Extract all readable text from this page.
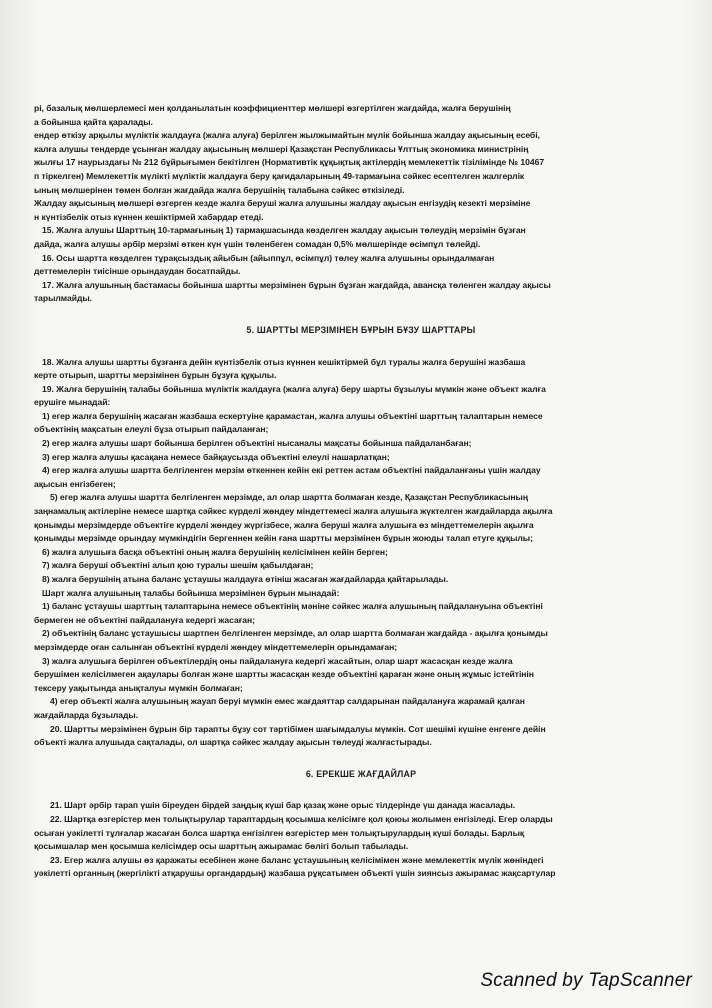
рі, базалық мөлшерлемесі мен қолданылатын коэффициенттер мөлшері өзгертілген жағдайда, жалға берушінің

а бойынша қайта қаралады.

ендер өткізу арқылы мүліктік жалдауға (жалға алуға) берілген жылжымайтын мүлік бойынша жалдау ақысының есебі,

калға алушы тендерде ұсынған жалдау ақысының мөлшері Қазақстан Республикасы Ұлттық экономика министрінің

жылғы 17 наурыздағы № 212 бұйрығымен бекітілген (Нормативтік құқықтық актілердің мемлекеттік тізілімінде № 10467

п тіркелген) Мемлекеттік мүлікті мүліктік жалдауға беру қағидаларының 49-тармағына сәйкес есептелген жалгерлік

ының мөлшерінен төмен болған жағдайда жалға берушінің талабына сәйкес өткізіледі.

Жалдау ақысының мөлшері өзгерген кезде жалға беруші жалға алушыны жалдау ақысын енгізудің кезекті мерзіміне

н күнтізбелік отыз күннен кешіктірмей хабардар етеді.

15. Жалға алушы Шарттың 10-тармағының 1) тармақшасында көзделген жалдау ақысын төлеудің мерзімін бұзған

дайда, жалға алушы әрбір мерзімі өткен күн үшін төленбеген сомадан 0,5% мөлшерінде өсімпұл төлейді.

16. Осы шартта көзделген тұрақсыздық айыбын (айыппұл, өсімпұл) төлеу жалға алушыны орындалмаған

деттемелерін тиісінше орындаудан босатпайды.

17. Жалға алушының бастамасы бойынша шартты мерзімінен бұрын бұзған жағдайда, авансқа төленген жалдау ақысы

тарылмайды.

5. ШАРТТЫ МЕРЗІМІНЕН БҰРЫН БҰЗУ ШАРТТАРЫ

18. Жалға алушы шартты бұзғанға дейін күнтізбелік отыз күннен кешіктірмей бұл туралы жалға берушіні жазбаша

керте отырып, шартты мерзімінен бұрын бұзуға құқылы.

19. Жалға берушінің талабы бойынша мүліктік жалдауға (жалға алуға) беру шарты бұзылуы мүмкін және объект жалға

ерушіге мынадай:

1) егер жалға берушінің жасаған жазбаша ескертуіне қарамастан, жалға алушы объектіні шарттың талаптарын немесе

объектінің мақсатын елеулі бұза отырып пайдаланған;

2) егер жалға алушы шарт бойынша берілген объектіні нысаналы мақсаты бойынша пайдаланбаған;

3) егер жалға алушы қасақана немесе байқаусызда объектіні елеулі нашарлатқан;

4) егер жалға алушы шартта белгіленген мерзім өткеннен кейін екі реттен астам объектіні пайдаланғаны үшін жалдау

ақысын енгізбеген;

5) егер жалға алушы шартта белгіленген мерзімде, ал олар шартта болмаған кезде, Қазақстан Республикасының

заңнамалық актілеріне немесе шартқа сәйкес күрделі жөндеу міндеттемесі жалға алушыға жүктелген жағдайларда ақылға

қонымды мерзімдерде объектіге күрделі жөндеу жүргізбесе, жалға беруші жалға алушыға өз міндеттемелерін ақылға

қонымды мерзімде орындау мүмкіндігін бергеннен кейін ғана шартты мерзімінен бұрын жоюды талап етуге құқылы;

6) жалға алушыға басқа объектіні оның жалға берушінің келісімінен кейін берген;

7) жалға беруші объектіні алып қою туралы шешім қабылдаған;

8) жалға берушінің атына баланс ұстаушы жалдауға өтініш жасаған жағдайларда қайтарылады.

Шарт жалға алушының талабы бойынша мерзімінен бұрын мынадай:

1) баланс ұстаушы шарттың талаптарына немесе объектінің мәніне сәйкес жалға алушының пайдалануына объектіні

бермеген не объектіні пайдалануға кедергі жасаған;

2) объектінің баланс ұстаушысы шартпен белгіленген мерзімде, ал олар шартта болмаған жағдайда - ақылға қонымды

мерзімдерде оған салынған объектіні күрделі жөндеу міндеттемелерін орындамаған;

3) жалға алушыға берілген объектілердің оны пайдалануға кедергі жасайтын, олар шарт жасасқан кезде жалға

берушімен келісілмеген ақаулары болған және шартты жасасқан кезде объектіні қараған және оның жұмыс істейтінін

тексеру уақытында анықталуы мүмкін болмаған;

4) егер объекті жалға алушының жауап беруі мүмкін емес жағдаяттар салдарынан пайдалануға жарамай қалған

жағдайларда бұзылады.

20. Шартты мерзімінен бұрын бір тарапты бұзу сот тәртібімен шағымдалуы мүмкін. Сот шешімі күшіне енгенге дейін

объекті жалға алушыда сақталады, ол шартқа сәйкес жалдау ақысын төлеуді жалғастырады.

6. ЕРЕКШЕ ЖАҒДАЙЛАР

21. Шарт әрбір тарап үшін біреуден бірдей заңдық күші бар қазақ және орыс тілдерінде үш данада жасалады.

22. Шартқа өзгерістер мен толықтырулар тараптардың қосымша келісімге қол қоюы жолымен енгізіледі. Егер оларды

осыған уәкілетті тұлғалар жасаған болса шартқа енгізілген өзгерістер мен толықтырулардың күші болады. Барлық

қосымшалар мен қосымша келісімдер осы шарттың ажырамас бөлігі болып табылады.

23. Егер жалға алушы өз қаражаты есебінен және баланс ұстаушының келісімімен және мемлекеттік мүлік жөніндегі

уәкілетті органның (жергілікті атқарушы органдардың) жазбаша рұқсатымен объекті үшін зиянсыз ажырамас жақсартулар

Scanned by TapScanner
